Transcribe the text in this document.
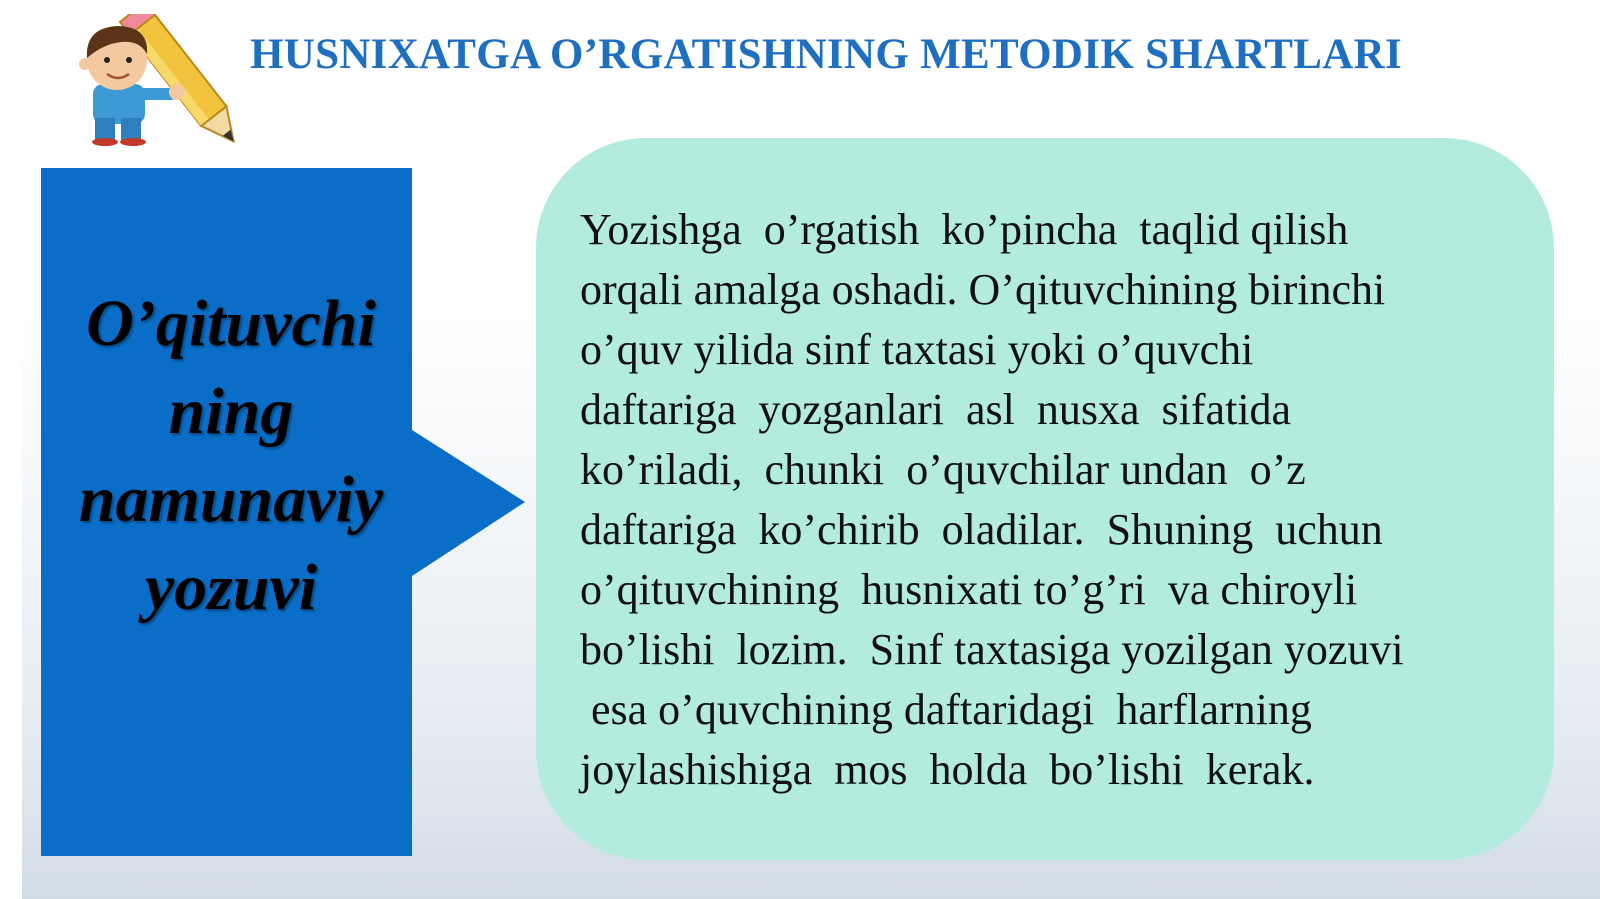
HUSNIXATGA O’RGATISHNING METODIK SHARTLARI
O’qituvchi
ning
namunaviy
yozuvi
Yozishga  o’rgatish  ko’pincha  taqlid qilish
orqali amalga oshadi. O’qituvchining birinchi
o’quv yilida sinf taxtasi yoki o’quvchi
daftariga  yozganlari  asl  nusxa  sifatida
ko’riladi,  chunki  o’quvchilar undan  o’z
daftariga  ko’chirib  oladilar.  Shuning  uchun
o’qituvchining  husnixati to’g’ri  va chiroyli
bo’lishi  lozim.  Sinf taxtasiga yozilgan yozuvi
esa o’quvchining daftaridagi  harflarning
joylashishiga  mos  holda  bo’lishi  kerak.
